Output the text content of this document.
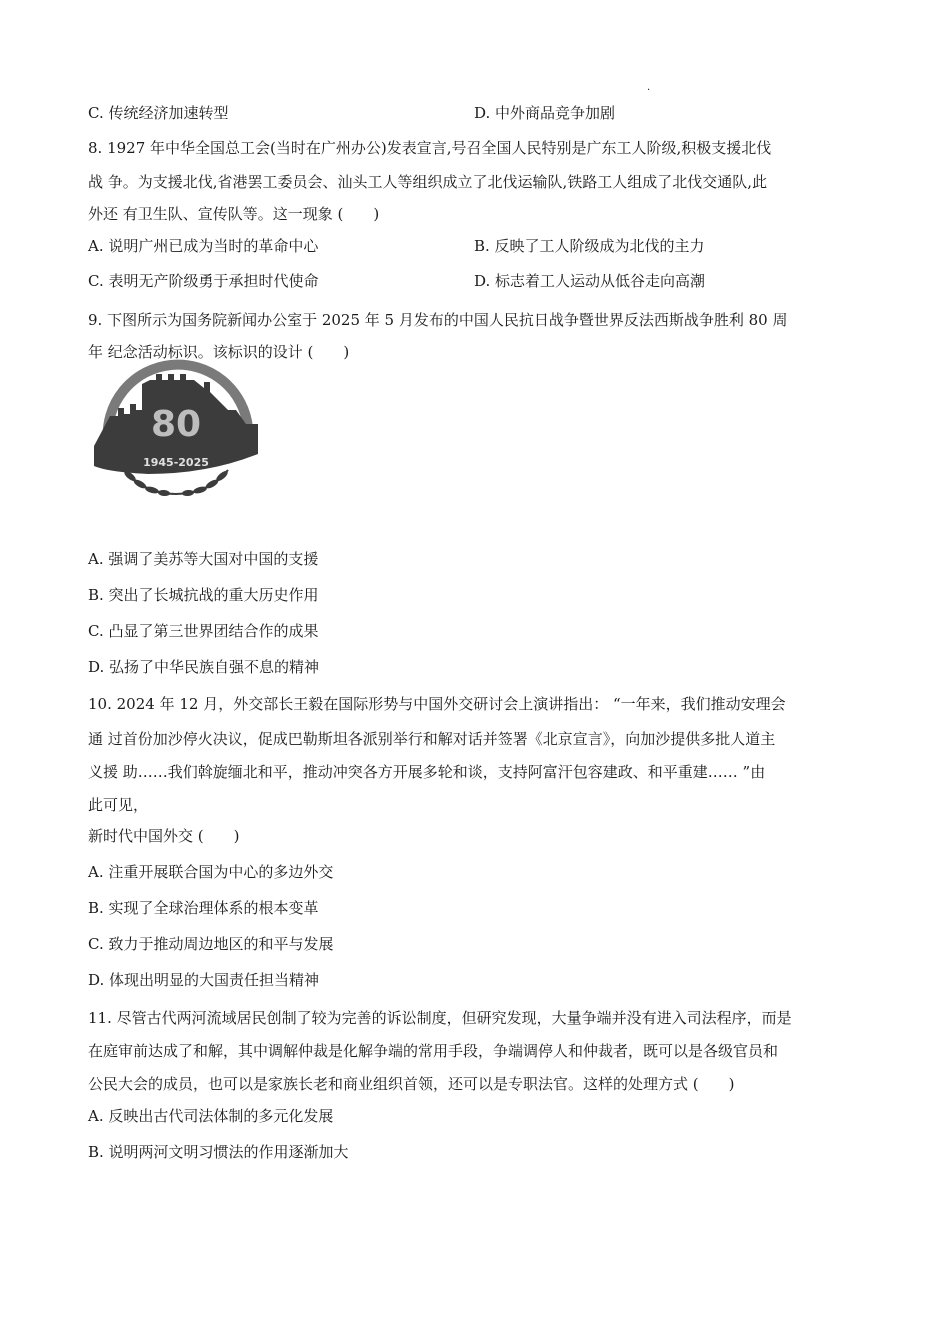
·
C. 传统经济加速转型	D. 中外商品竞争加剧
8. 1927 年中华全国总工会(当时在广州办公)发表宣言,号召全国人民特别是广东工人阶级,积极支援北伐
战 争。为支援北伐,省港罢工委员会、汕头工人等组织成立了北伐运输队,铁路工人组成了北伐交通队,此
外还 有卫生队、宣传队等。这一现象 (　　)
A. 说明广州已成为当时的革命中心	B. 反映了工人阶级成为北伐的主力
C. 表明无产阶级勇于承担时代使命	D. 标志着工人运动从低谷走向高潮
9. 下图所示为国务院新闻办公室于 2025 年 5 月发布的中国人民抗日战争暨世界反法西斯战争胜利 80 周
年 纪念活动标识。该标识的设计 (　　)
80
1945-2025
A. 强调了美苏等大国对中国的支援
B. 突出了长城抗战的重大历史作用
C. 凸显了第三世界团结合作的成果
D. 弘扬了中华民族自强不息的精神
10. 2024 年 12 月，外交部长王毅在国际形势与中国外交研讨会上演讲指出： “一年来，我们推动安理会
通 过首份加沙停火决议，促成巴勒斯坦各派别举行和解对话并签署《北京宣言》，向加沙提供多批人道主
义援 助……我们斡旋缅北和平，推动冲突各方开展多轮和谈，支持阿富汗包容建政、和平重建…… ”由
此可见，
新时代中国外交 (　　)
A. 注重开展联合国为中心的多边外交
B. 实现了全球治理体系的根本变革
C. 致力于推动周边地区的和平与发展
D. 体现出明显的大国责任担当精神
11. 尽管古代两河流域居民创制了较为完善的诉讼制度，但研究发现，大量争端并没有进入司法程序，而是
在庭审前达成了和解，其中调解仲裁是化解争端的常用手段，争端调停人和仲裁者，既可以是各级官员和
公民大会的成员，也可以是家族长老和商业组织首领，还可以是专职法官。这样的处理方式 (　　)
A. 反映出古代司法体制的多元化发展
B. 说明两河文明习惯法的作用逐渐加大
